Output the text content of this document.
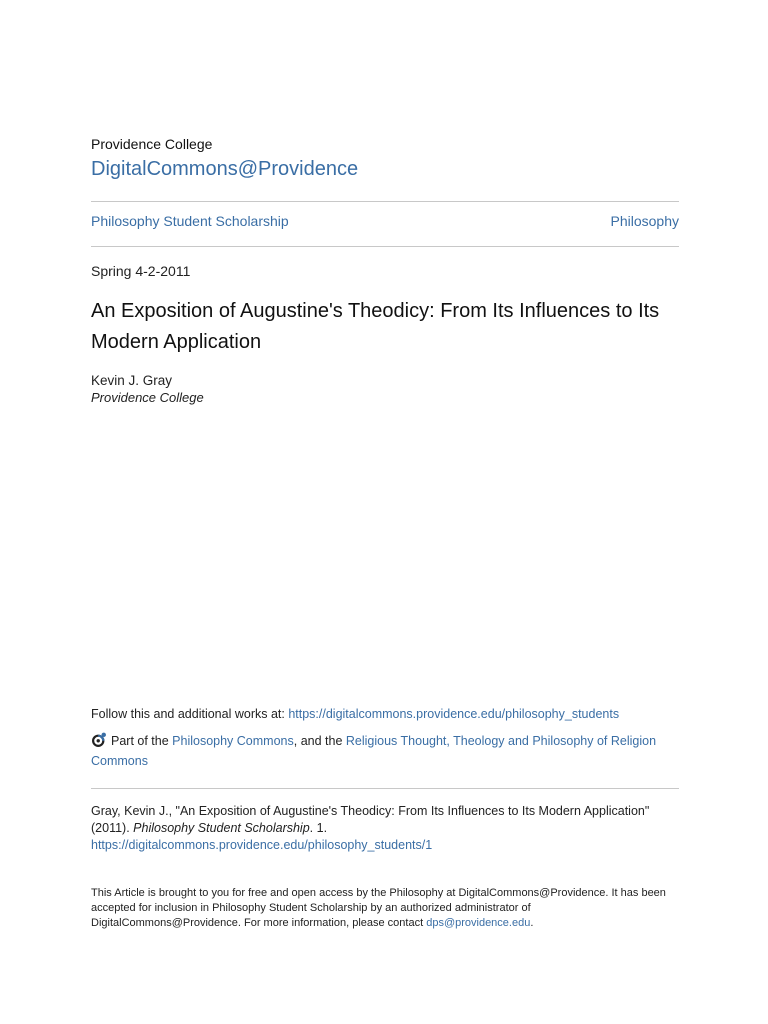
Providence College
DigitalCommons@Providence
Philosophy Student Scholarship	Philosophy
Spring 4-2-2011
An Exposition of Augustine's Theodicy: From Its Influences to Its Modern Application
Kevin J. Gray
Providence College
Follow this and additional works at: https://digitalcommons.providence.edu/philosophy_students
Part of the Philosophy Commons, and the Religious Thought, Theology and Philosophy of Religion Commons
Gray, Kevin J., "An Exposition of Augustine's Theodicy: From Its Influences to Its Modern Application" (2011). Philosophy Student Scholarship. 1.
https://digitalcommons.providence.edu/philosophy_students/1
This Article is brought to you for free and open access by the Philosophy at DigitalCommons@Providence. It has been accepted for inclusion in Philosophy Student Scholarship by an authorized administrator of DigitalCommons@Providence. For more information, please contact dps@providence.edu.
